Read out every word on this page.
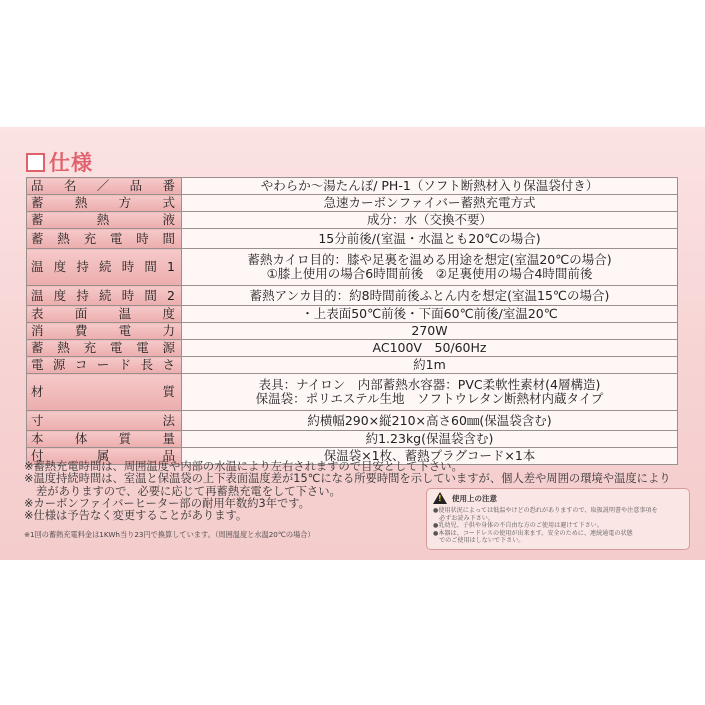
仕様
品名／品番	やわらか～湯たんぽ/ PH-1（ソフト断熱材入り保温袋付き）

蓄熱方式	急速カーボンファイバー蓄熱充電方式

蓄熱液	成分：水（交換不要）

蓄熱充電時間	15分前後/(室温・水温とも20℃の場合)

温度持続時間1	蓄熱カイロ目的：膝や足裏を温める用途を想定(室温20℃の場合)
①膝上使用の場合6時間前後　②足裏使用の場合4時間前後

温度持続時間2	蓄熱アンカ目的：約8時間前後ふとん内を想定(室温15℃の場合)

表面温度	・上表面50℃前後・下面60℃前後/室温20℃

消費電力	270W

蓄熱充電電源	AC100V　50/60Hz

電源コード長さ	約1m

材質	表具：ナイロン　内部蓄熱水容器：PVC柔軟性素材(4層構造)
保温袋：ポリエステル生地　ソフトウレタン断熱材内蔵タイプ

寸法	約横幅290×縦210×高さ60㎜(保温袋含む)

本体質量	約1.23kg(保温袋含む)

付属品	保温袋×1枚、蓄熱プラグコード×1本
※蓄熱充電時間は、周囲温度や内部の水温により左右されますので目安として下さい。
※温度持続時間は、室温と保温袋の上下表面温度差が15℃になる所要時間を示していますが、個人差や周囲の環境や温度により
差がありますので、必要に応じて再蓄熱充電をして下さい。
※カーボンファイバーヒーター部の耐用年数約3年です。
※仕様は予告なく変更することがあります。
※1回の蓄熱充電料金は1KWh当り23円で換算しています。（周囲温度と水温20℃の場合）
! 使用上の注意
●使用状況によっては低温やけどの恐れがありますので、取扱説明書や注意事項を
　必ずお読み下さい。
●乳幼児、子供や身体の不自由な方のご使用は避けて下さい。
●本器は、コードレスの使用が出来ます。安全のために、連続通電の状態
　でのご使用はしないで下さい。
